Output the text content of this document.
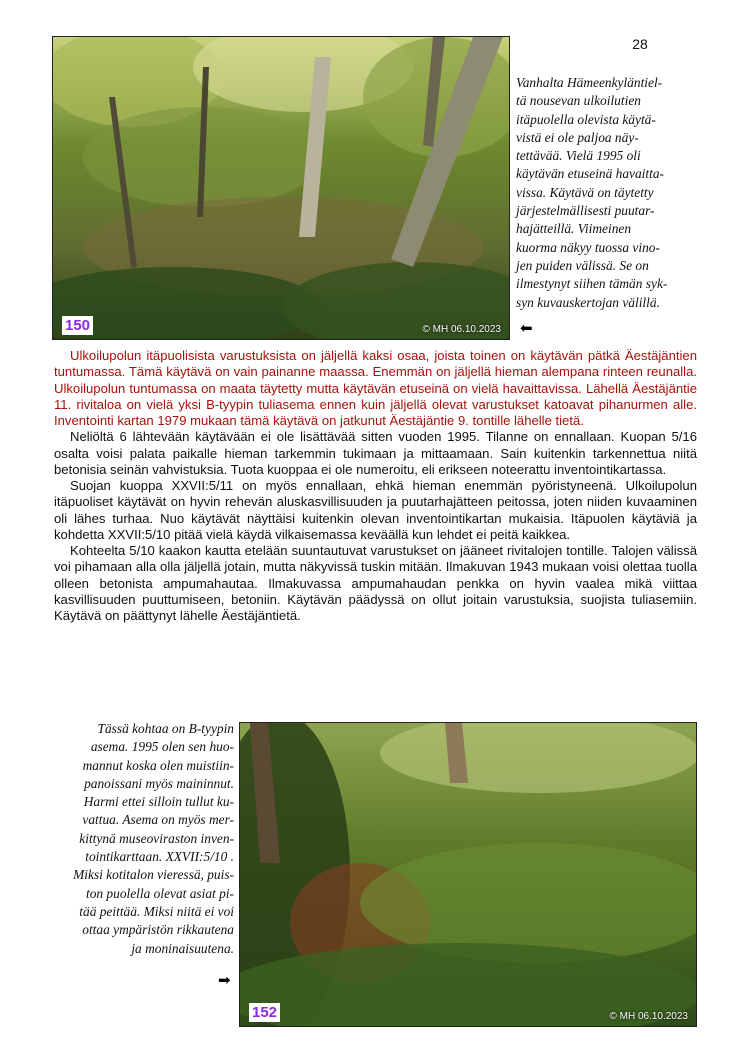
28
150	© MH 06.10.2023
Vanhalta Hämeenkyläntiel-
tä nousevan ulkoilutien
itäpuolella olevista käytä-
vistä ei ole paljoa näy-
tettävää. Vielä 1995 oli
käytävän etuseinä havaitta-
vissa. Käytävä on täytetty
järjestelmällisesti puutar-
hajätteillä. Viimeinen
kuorma näkyy tuossa vino-
jen puiden välissä. Se on
ilmestynyt siihen tämän syk-
syn kuvauskertojan välillä.
⬅

Ulkoilupolun itäpuolisista varustuksista on jäljellä kaksi osaa, joista toinen on käytävän pätkä Äestäjäntien tuntumassa. Tämä käytävä on vain painanne maassa. Enemmän on jäljellä hieman alempana rinteen reunalla. Ulkoilupolun tuntumassa on maata täytetty mutta käytävän etuseinä on vielä havaittavissa. Lähellä Äestäjäntie 11. rivitaloa on vielä yksi B-tyypin tuliasema ennen kuin jäljellä olevat varustukset katoavat pihanurmen alle. Inventointi kartan 1979 mukaan tämä käytävä on jatkunut Äestäjäntie 9. tontille lähelle tietä.

Neliöltä 6 lähtevään käytävään ei ole lisättävää sitten vuoden 1995. Tilanne on ennallaan. Kuopan 5/16 osalta voisi palata paikalle hieman tarkemmin tukimaan ja mittaamaan. Sain kuitenkin tarkennettua niitä betonisia seinän vahvistuksia. Tuota kuoppaa ei ole numeroitu, eli erikseen noteerattu inventointikartassa.

Suojan kuoppa XXVII:5/11 on myös ennallaan, ehkä hieman enemmän pyöristyneenä. Ulkoilupolun itäpuoliset käytävät on hyvin rehevän aluskasvillisuuden ja puutarhajätteen peitossa, joten niiden kuvaaminen oli lähes turhaa. Nuo käytävät näyttäisi kuitenkin olevan inventointikartan mukaisia. Itäpuolen käytäviä ja kohdetta XXVII:5/10 pitää vielä käydä vilkaisemassa keväällä kun lehdet ei peitä kaikkea.

Kohteelta 5/10 kaakon kautta etelään suuntautuvat varustukset on jääneet rivitalojen tontille. Talojen välissä voi pihamaan alla olla jäljellä jotain, mutta näkyvissä tuskin mitään. Ilmakuvan 1943 mukaan voisi olettaa tuolla olleen betonista ampumahautaa. Ilmakuvassa ampumahaudan penkka on hyvin vaalea mikä viittaa kasvillisuuden puuttumiseen, betoniin. Käytävän päädyssä on ollut joitain varustuksia, suojista tuliasemiin. Käytävä on päättynyt lähelle Äestäjäntietä.

Tässä kohtaa on B-tyypin
asema. 1995 olen sen huo-
mannut koska olen muistiin-
panoissani myös maininnut.
Harmi ettei silloin tullut ku-
vattua. Asema on myös mer-
kittynä museoviraston inven-
tointikarttaan. XXVII:5/10 .
Miksi kotitalon vieressä, puis-
ton puolella olevat asiat pi-
tää peittää. Miksi niitä ei voi
ottaa ympäristön rikkautena
ja moninaisuutena.
➡
152	© MH 06.10.2023
